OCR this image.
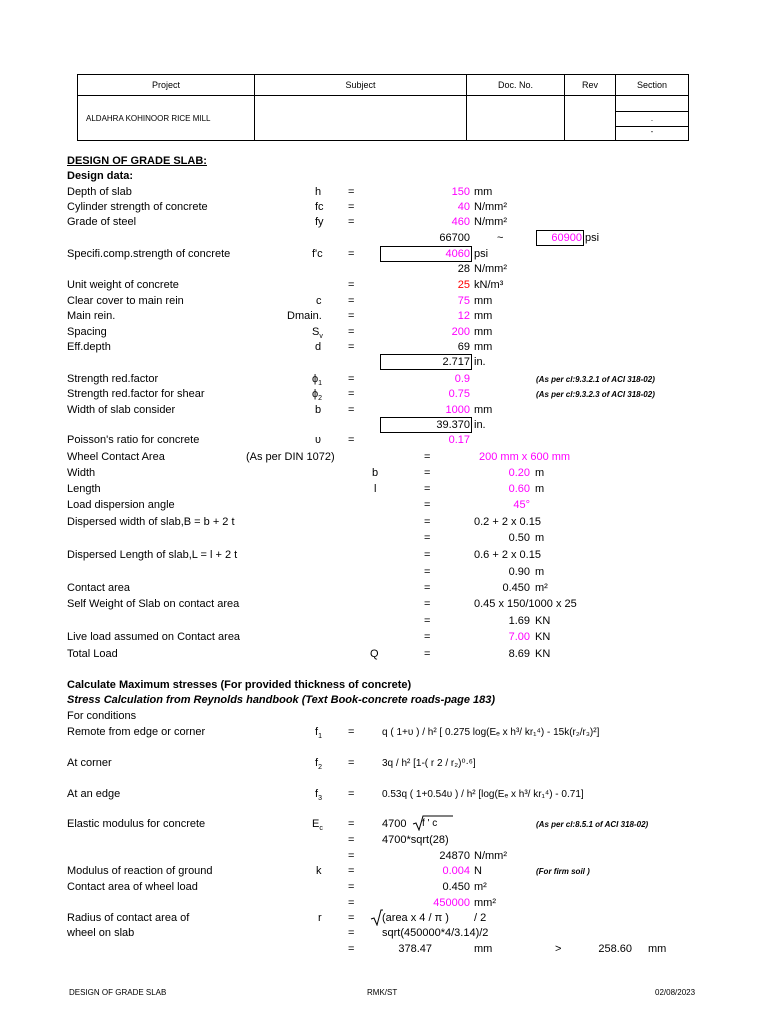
Project	Subject	Doc. No.	Rev	Section
ALDAHRA KOHINOOR RICE MILL				.
-
DESIGN OF GRADE SLAB:
Design data:
Depth of slab	h =	150 mm
Cylinder strength of concrete	fc =	40 N/mm²
Grade of steel	fy =	460 N/mm²
66700 ~	60900 psi
Specifi.comp.strength of concrete	f'c =	4060 psi
28 N/mm²
Unit weight of concrete	=	25 kN/m³
Clear cover to main rein	c =	75 mm
Main rein.	Dmain. =	12 mm
Spacing	$S_v$ =	200 mm
Eff.depth	d =	69 mm
2.717 in.
Strength red.factor	$\phi_1$ =	0.9	(As per cl:9.3.2.1 of ACI 318-02)
Strength red.factor for shear	$\phi_2$ =	0.75	(As per cl:9.3.2.3 of ACI 318-02)
Width of slab consider	b =	1000 mm
39.370 in.
Poisson's ratio for concrete	υ =	0.17
Wheel Contact Area	(As per DIN 1072)	=	200 mm x 600 mm
Width	b	=	0.20 m
Length	l	=	0.60 m
Load dispersion angle	=	45°
Dispersed width of slab,B = b + 2 t	=	0.2 + 2 x 0.15
=	0.50 m
Dispersed Length of slab,L = l + 2 t	=	0.6 + 2 x 0.15
=	0.90 m
Contact area	=	0.450 m²
Self Weight of Slab on contact area	=	0.45 x 150/1000 x 25
=	1.69 KN
Live load assumed on Contact area	=	7.00 KN
Total Load	Q	=	8.69 KN
Calculate Maximum stresses (For provided thickness of concrete)
Stress Calculation from Reynolds handbook (Text Book-concrete roads-page 183)
For conditions
Remote from edge or corner	$f_1$ =	q ( 1+υ ) / h² [ 0.275 log(Eₑ x h³/ kr₁⁴) - 15k(r₂/r₃)²]
At corner	$f_2$ =	3q / h² [1-( r 2 / r₂)⁰·⁶]
At an edge	$f_3$ =	0.53q ( 1+0.54υ ) / h² [log(Eₑ x h³/ kr₁⁴) - 0.71]
Elastic modulus for concrete	$E_c$ =	4700 f ' c	(As per cl:8.5.1 of ACI 318-02)
=	4700*sqrt(28)
=	24870 N/mm²
Modulus of reaction of ground	k =	0.004 N	(For firm soil )
Contact area of wheel load	=	0.450 m²
=	450000 mm²
Radius of contact area of
wheel on slab
r =	(area x 4 / π ) / 2
=	sqrt(450000*4/3.14)/2
=	378.47	mm	>	258.60 mm
DESIGN OF GRADE SLAB	RMK/ST	02/08/2023
